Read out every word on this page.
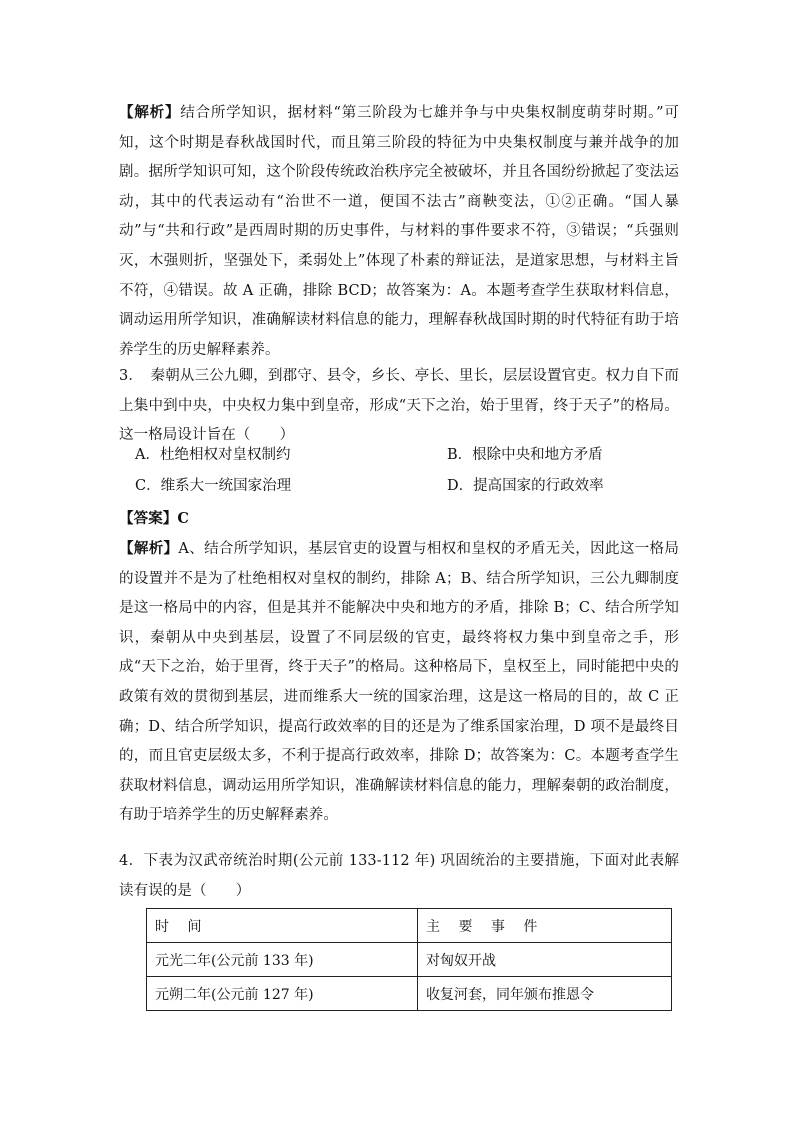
【解析】结合所学知识，据材料“第三阶段为七雄并争与中央集权制度萌芽时期。”可知，这个时期是春秋战国时代，而且第三阶段的特征为中央集权制度与兼并战争的加剧。据所学知识可知，这个阶段传统政治秩序完全被破坏，并且各国纷纷掀起了变法运动，其中的代表运动有“治世不一道，便国不法古”商鞅变法，①②正确。“国人暴动”与“共和行政”是西周时期的历史事件，与材料的事件要求不符，③错误；“兵强则灭，木强则折，坚强处下，柔弱处上”体现了朴素的辩证法，是道家思想，与材料主旨不符，④错误。故 A 正确，排除 BCD；故答案为：A。本题考查学生获取材料信息，调动运用所学知识，准确解读材料信息的能力，理解春秋战国时期的时代特征有助于培养学生的历史解释素养。

3．　秦朝从三公九卿，到郡守、县令，乡长、亭长、里长，层层设置官吏。权力自下而上集中到中央，中央权力集中到皇帝，形成“天下之治，始于里胥，终于天子”的格局。这一格局设计旨在（　　）

A．杜绝相权对皇权制约	B．根除中央和地方矛盾
C．维系大一统国家治理	D．提高国家的行政效率

【答案】C

【解析】A、结合所学知识，基层官吏的设置与相权和皇权的矛盾无关，因此这一格局的设置并不是为了杜绝相权对皇权的制约，排除 A；B、结合所学知识，三公九卿制度是这一格局中的内容，但是其并不能解决中央和地方的矛盾，排除 B；C、结合所学知识，秦朝从中央到基层，设置了不同层级的官吏，最终将权力集中到皇帝之手，形成“天下之治，始于里胥，终于天子”的格局。这种格局下，皇权至上，同时能把中央的政策有效的贯彻到基层，进而维系大一统的国家治理，这是这一格局的目的，故 C 正确；D、结合所学知识，提高行政效率的目的还是为了维系国家治理，D 项不是最终目的，而且官吏层级太多，不利于提高行政效率，排除 D；故答案为：C。本题考查学生获取材料信息，调动运用所学知识，准确解读材料信息的能力，理解秦朝的政治制度，有助于培养学生的历史解释素养。

4．下表为汉武帝统治时期(公元前 133-112 年) 巩固统治的主要措施，下面对此表解读有误的是（　　）

时 间	主 要 事 件
元光二年(公元前 133 年)	对匈奴开战
元朔二年(公元前 127 年)	收复河套，同年颁布推恩令
